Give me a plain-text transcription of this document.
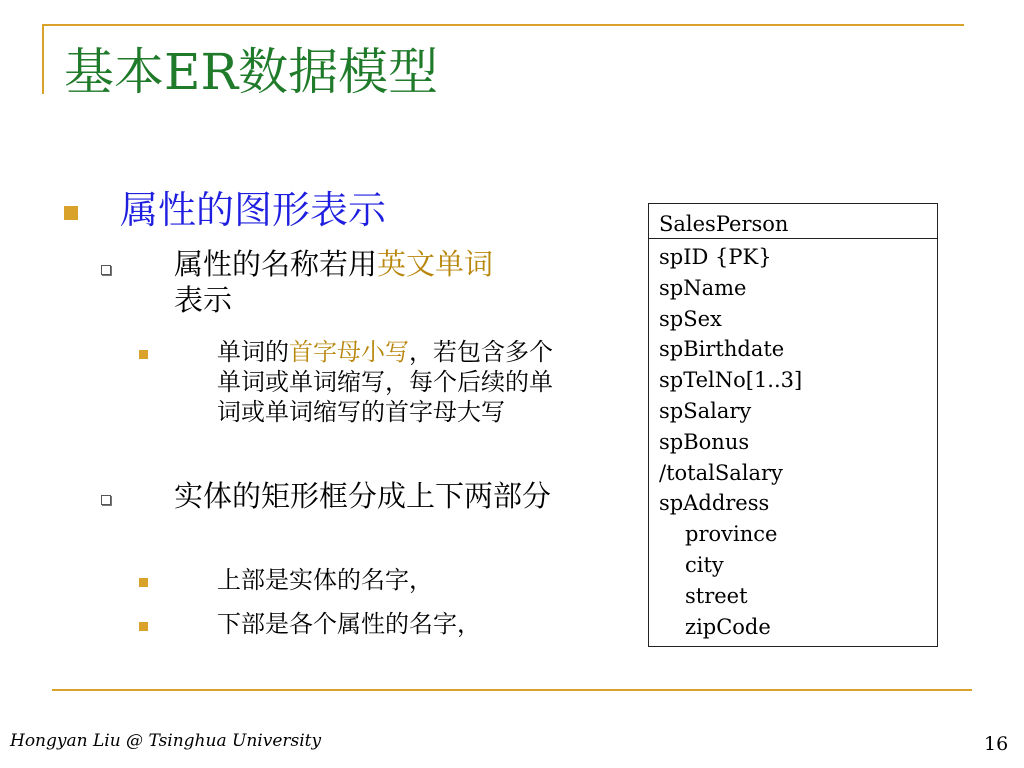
基本ER数据模型
属性的图形表示
属性的名称若用英文单词
表示
单词的首字母小写，若包含多个单词或单词缩写，每个后续的单词或单词缩写的首字母大写
实体的矩形框分成上下两部分
上部是实体的名字，
下部是各个属性的名字，
SalesPerson
spID {PK}
spName
spSex
spBirthdate
spTelNo[1..3]
spSalary
spBonus
/totalSalary
spAddress
province
city
street
zipCode
Hongyan Liu @ Tsinghua University	16
